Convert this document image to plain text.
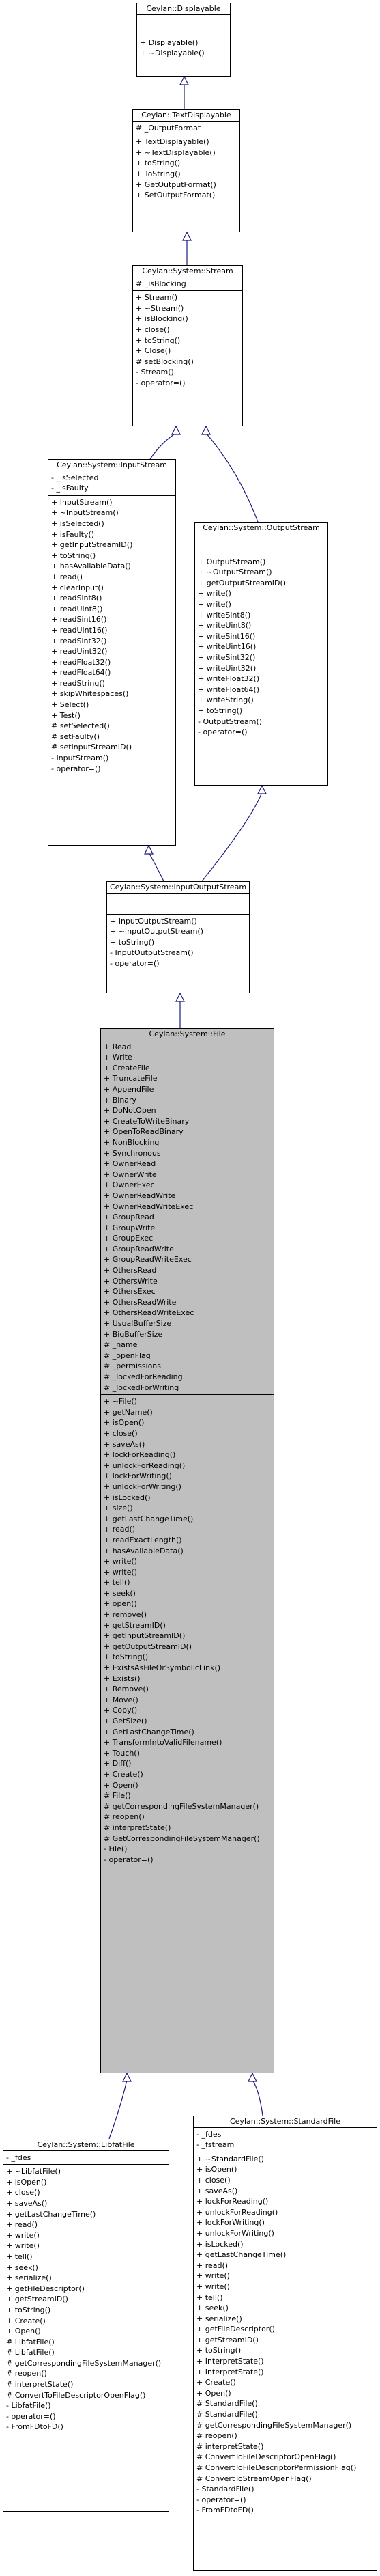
Ceylan::Displayable
+ Displayable()
+ ~Displayable()
Ceylan::TextDisplayable
# _OutputFormat
+ TextDisplayable()
+ ~TextDisplayable()
+ toString()
+ ToString()
+ GetOutputFormat()
+ SetOutputFormat()
Ceylan::System::Stream
# _isBlocking
+ Stream()
+ ~Stream()
+ isBlocking()
+ close()
+ toString()
+ Close()
# setBlocking()
- Stream()
- operator=()
Ceylan::System::InputStream
- _isSelected
- _isFaulty
+ InputStream()
+ ~InputStream()
+ isSelected()
+ isFaulty()
+ getInputStreamID()
+ toString()
+ hasAvailableData()
+ read()
+ clearInput()
+ readSint8()
+ readUint8()
+ readSint16()
+ readUint16()
+ readSint32()
+ readUint32()
+ readFloat32()
+ readFloat64()
+ readString()
+ skipWhitespaces()
+ Select()
+ Test()
# setSelected()
# setFaulty()
# setInputStreamID()
- InputStream()
- operator=()
Ceylan::System::OutputStream
+ OutputStream()
+ ~OutputStream()
+ getOutputStreamID()
+ write()
+ write()
+ writeSint8()
+ writeUint8()
+ writeSint16()
+ writeUint16()
+ writeSint32()
+ writeUint32()
+ writeFloat32()
+ writeFloat64()
+ writeString()
+ toString()
- OutputStream()
- operator=()
Ceylan::System::InputOutputStream
+ InputOutputStream()
+ ~InputOutputStream()
+ toString()
- InputOutputStream()
- operator=()
Ceylan::System::File
+ Read
+ Write
+ CreateFile
+ TruncateFile
+ AppendFile
+ Binary
+ DoNotOpen
+ CreateToWriteBinary
+ OpenToReadBinary
+ NonBlocking
+ Synchronous
+ OwnerRead
+ OwnerWrite
+ OwnerExec
+ OwnerReadWrite
+ OwnerReadWriteExec
+ GroupRead
+ GroupWrite
+ GroupExec
+ GroupReadWrite
+ GroupReadWriteExec
+ OthersRead
+ OthersWrite
+ OthersExec
+ OthersReadWrite
+ OthersReadWriteExec
+ UsualBufferSize
+ BigBufferSize
# _name
# _openFlag
# _permissions
# _lockedForReading
# _lockedForWriting
+ ~File()
+ getName()
+ isOpen()
+ close()
+ saveAs()
+ lockForReading()
+ unlockForReading()
+ lockForWriting()
+ unlockForWriting()
+ isLocked()
+ size()
+ getLastChangeTime()
+ read()
+ readExactLength()
+ hasAvailableData()
+ write()
+ write()
+ tell()
+ seek()
+ open()
+ remove()
+ getStreamID()
+ getInputStreamID()
+ getOutputStreamID()
+ toString()
+ ExistsAsFileOrSymbolicLink()
+ Exists()
+ Remove()
+ Move()
+ Copy()
+ GetSize()
+ GetLastChangeTime()
+ TransformIntoValidFilename()
+ Touch()
+ Diff()
+ Create()
+ Open()
# File()
# getCorrespondingFileSystemManager()
# reopen()
# interpretState()
# GetCorrespondingFileSystemManager()
- File()
- operator=()
Ceylan::System::LibfatFile
- _fdes
+ ~LibfatFile()
+ isOpen()
+ close()
+ saveAs()
+ getLastChangeTime()
+ read()
+ write()
+ write()
+ tell()
+ seek()
+ serialize()
+ getFileDescriptor()
+ getStreamID()
+ toString()
+ Create()
+ Open()
# LibfatFile()
# LibfatFile()
# getCorrespondingFileSystemManager()
# reopen()
# interpretState()
# ConvertToFileDescriptorOpenFlag()
- LibfatFile()
- operator=()
- FromFDtoFD()
Ceylan::System::StandardFile
- _fdes
- _fstream
+ ~StandardFile()
+ isOpen()
+ close()
+ saveAs()
+ lockForReading()
+ unlockForReading()
+ lockForWriting()
+ unlockForWriting()
+ isLocked()
+ getLastChangeTime()
+ read()
+ write()
+ write()
+ tell()
+ seek()
+ serialize()
+ getFileDescriptor()
+ getStreamID()
+ toString()
+ InterpretState()
+ InterpretState()
+ Create()
+ Open()
# StandardFile()
# StandardFile()
# getCorrespondingFileSystemManager()
# reopen()
# interpretState()
# ConvertToFileDescriptorOpenFlag()
# ConvertToFileDescriptorPermissionFlag()
# ConvertToStreamOpenFlag()
- StandardFile()
- operator=()
- FromFDtoFD()
